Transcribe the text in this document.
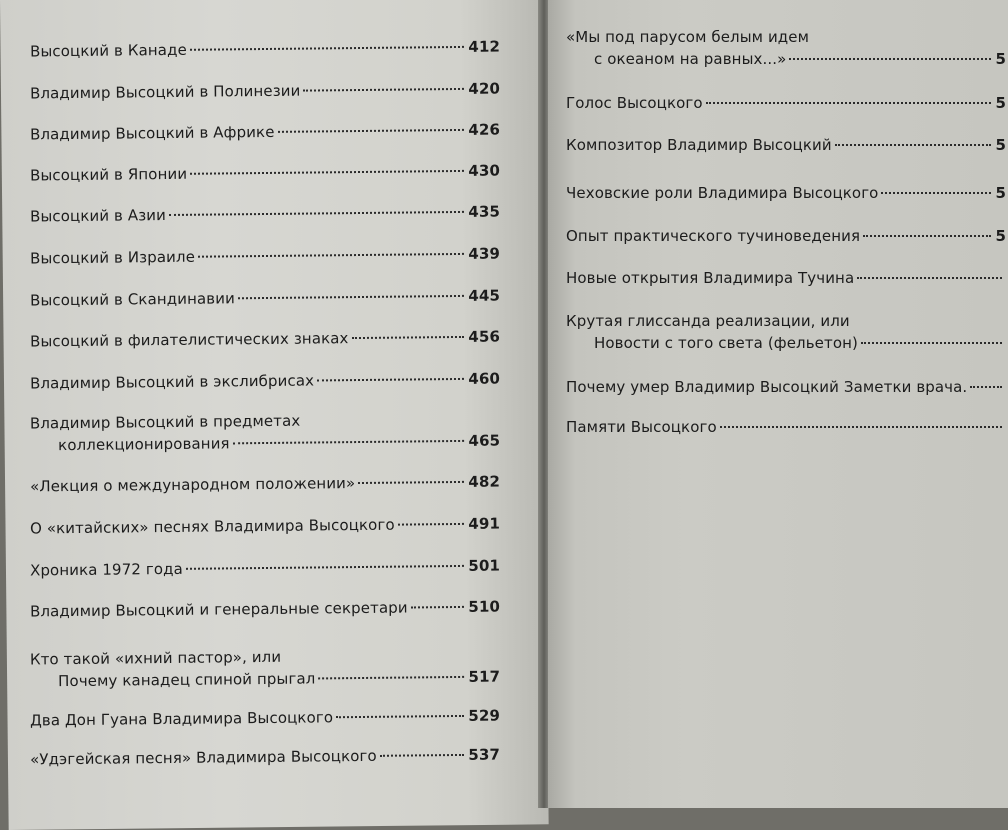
Высоцкий в Канаде	412
Владимир Высоцкий в Полинезии	420
Владимир Высоцкий в Африке	426
Высоцкий в Японии	430
Высоцкий в Азии	435
Высоцкий в Израиле	439
Высоцкий в Скандинавии	445
Высоцкий в филателистических знаках	456
Владимир Высоцкий в экслибрисах	460
Владимир Высоцкий в предметах
коллекционирования	465
«Лекция о международном положении»	482
О «китайских» песнях Владимира Высоцкого	491
Хроника 1972 года	501
Владимир Высоцкий и генеральные секретари	510
Кто такой «ихний пастор», или
Почему канадец спиной прыгал	517
Два Дон Гуана Владимира Высоцкого	529
«Удэгейская песня» Владимира Высоцкого	537
«Мы под парусом белым идем
с океаном на равных...»	5
Голос Высоцкого	5
Композитор Владимир Высоцкий	5
Чеховские роли Владимира Высоцкого	5
Опыт практического тучиноведения	5
Новые открытия Владимира Тучина
Крутая глиссанда реализации, или
Новости с того света (фельетон)
Почему умер Владимир Высоцкий Заметки врача.
Памяти Высоцкого
